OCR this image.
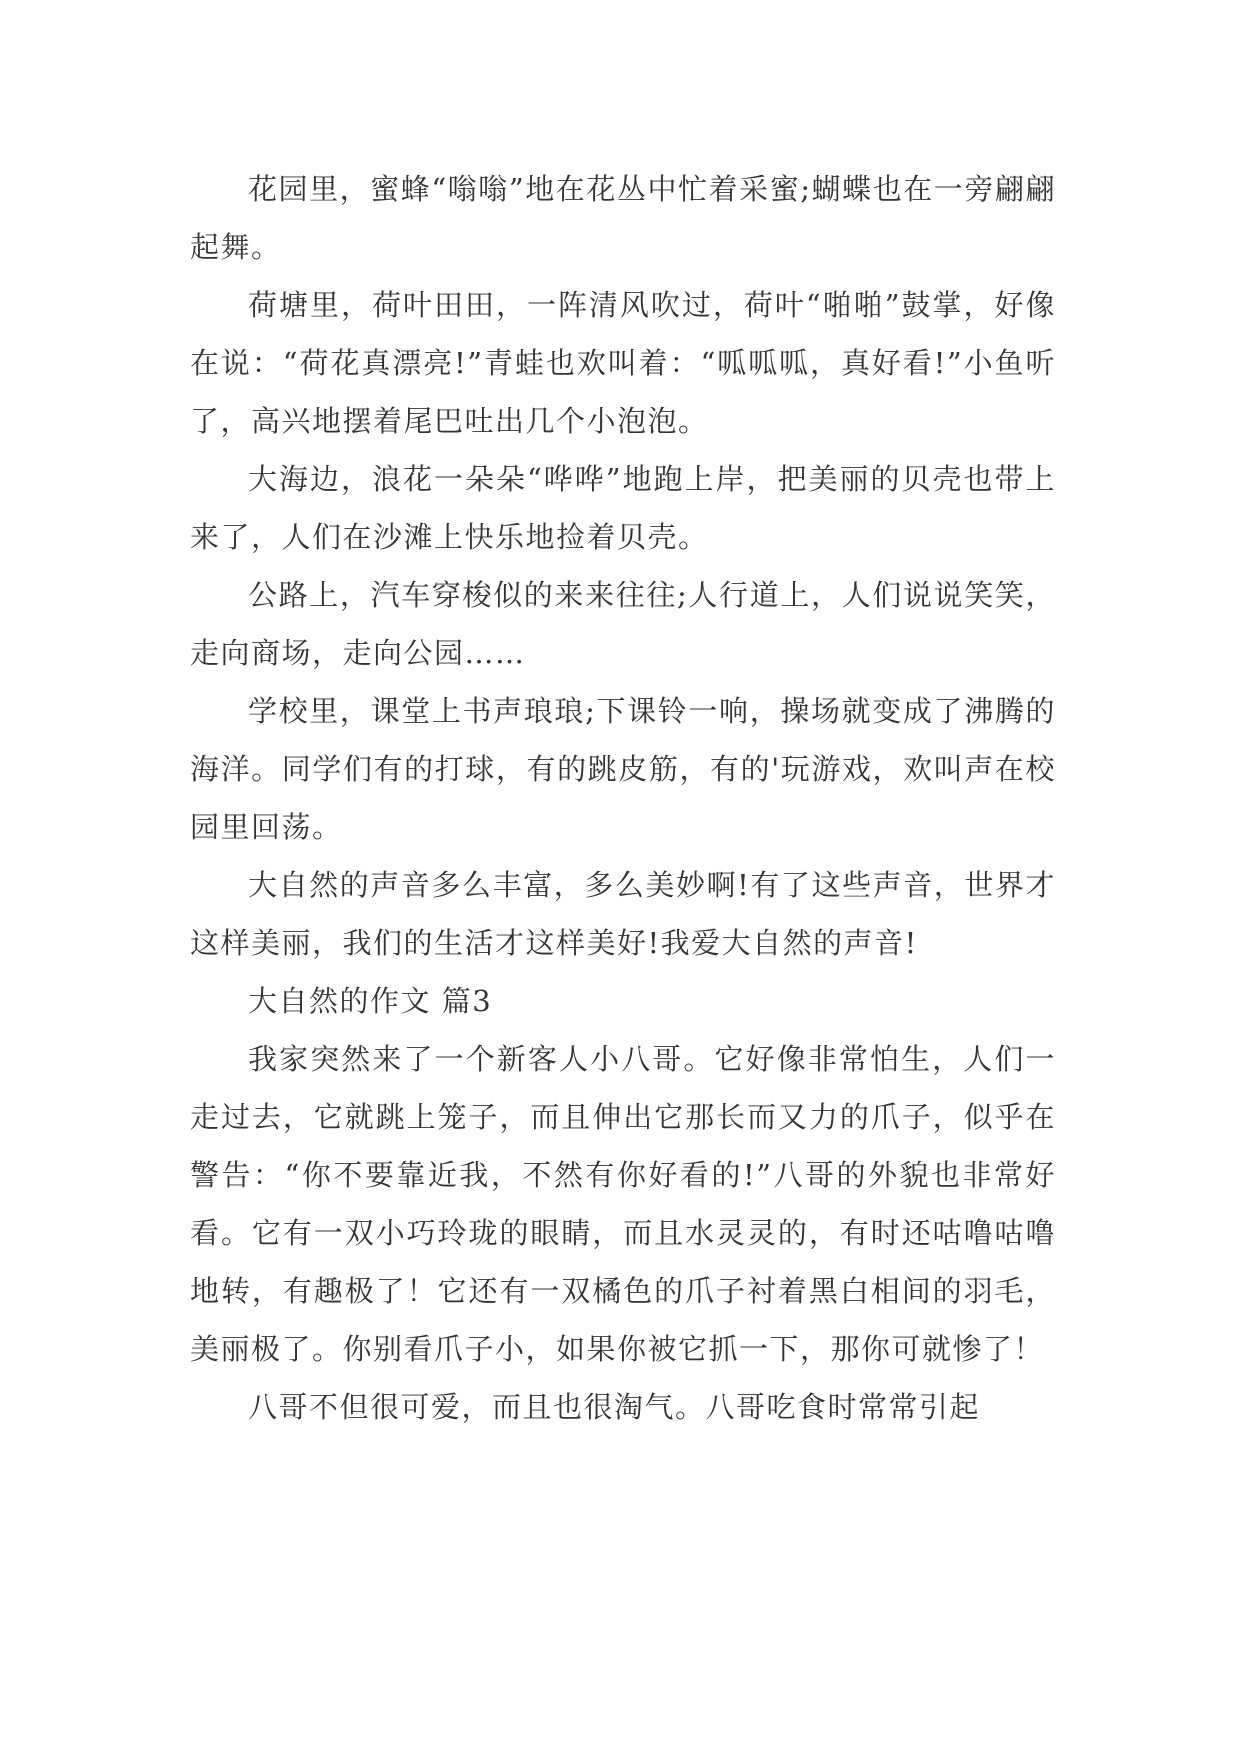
花园里，蜜蜂“嗡嗡”地在花丛中忙着采蜜;蝴蝶也在一旁翩翩起舞。

荷塘里，荷叶田田，一阵清风吹过，荷叶“啪啪”鼓掌，好像在说：“荷花真漂亮!”青蛙也欢叫着：“呱呱呱，真好看!”小鱼听了，高兴地摆着尾巴吐出几个小泡泡。

大海边，浪花一朵朵“哗哗”地跑上岸，把美丽的贝壳也带上来了，人们在沙滩上快乐地捡着贝壳。

公路上，汽车穿梭似的来来往往;人行道上，人们说说笑笑，走向商场，走向公园……

学校里，课堂上书声琅琅;下课铃一响，操场就变成了沸腾的海洋。同学们有的打球，有的跳皮筋，有的'玩游戏，欢叫声在校园里回荡。

大自然的声音多么丰富，多么美妙啊!有了这些声音，世界才这样美丽，我们的生活才这样美好!我爱大自然的声音!

大自然的作文 篇3

我家突然来了一个新客人小八哥。它好像非常怕生，人们一走过去，它就跳上笼子，而且伸出它那长而又力的爪子，似乎在警告：“你不要靠近我，不然有你好看的!”八哥的外貌也非常好看。它有一双小巧玲珑的眼睛，而且水灵灵的，有时还咕噜咕噜地转，有趣极了！它还有一双橘色的爪子衬着黑白相间的羽毛，美丽极了。你别看爪子小，如果你被它抓一下，那你可就惨了！

八哥不但很可爱，而且也很淘气。八哥吃食时常常引起
